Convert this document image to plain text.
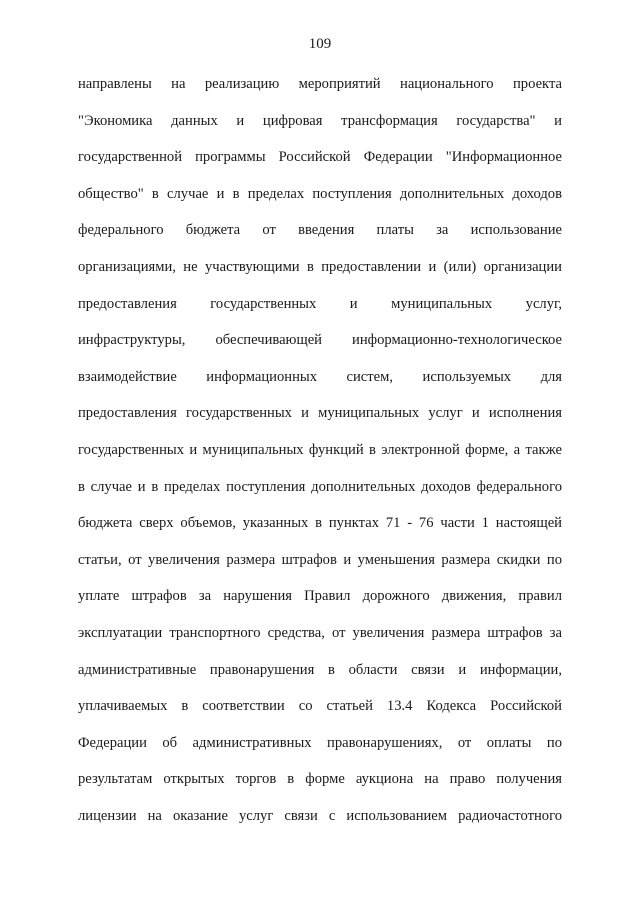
109
направлены на реализацию мероприятий национального проекта
"Экономика данных и цифровая трансформация государства" и
государственной программы Российской Федерации "Информационное
общество" в случае и в пределах поступления дополнительных доходов
федерального бюджета от введения платы за использование
организациями, не участвующими в предоставлении и (или) организации
предоставления государственных и муниципальных услуг,
инфраструктуры, обеспечивающей информационно-технологическое
взаимодействие информационных систем, используемых для
предоставления государственных и муниципальных услуг и исполнения
государственных и муниципальных функций в электронной форме, а также
в случае и в пределах поступления дополнительных доходов федерального
бюджета сверх объемов, указанных в пунктах 71 - 76 части 1 настоящей
статьи, от увеличения размера штрафов и уменьшения размера скидки по
уплате штрафов за нарушения Правил дорожного движения, правил
эксплуатации транспортного средства, от увеличения размера штрафов за
административные правонарушения в области связи и информации,
уплачиваемых в соответствии со статьей 13.4 Кодекса Российской
Федерации об административных правонарушениях, от оплаты по
результатам открытых торгов в форме аукциона на право получения
лицензии на оказание услуг связи с использованием радиочастотного
